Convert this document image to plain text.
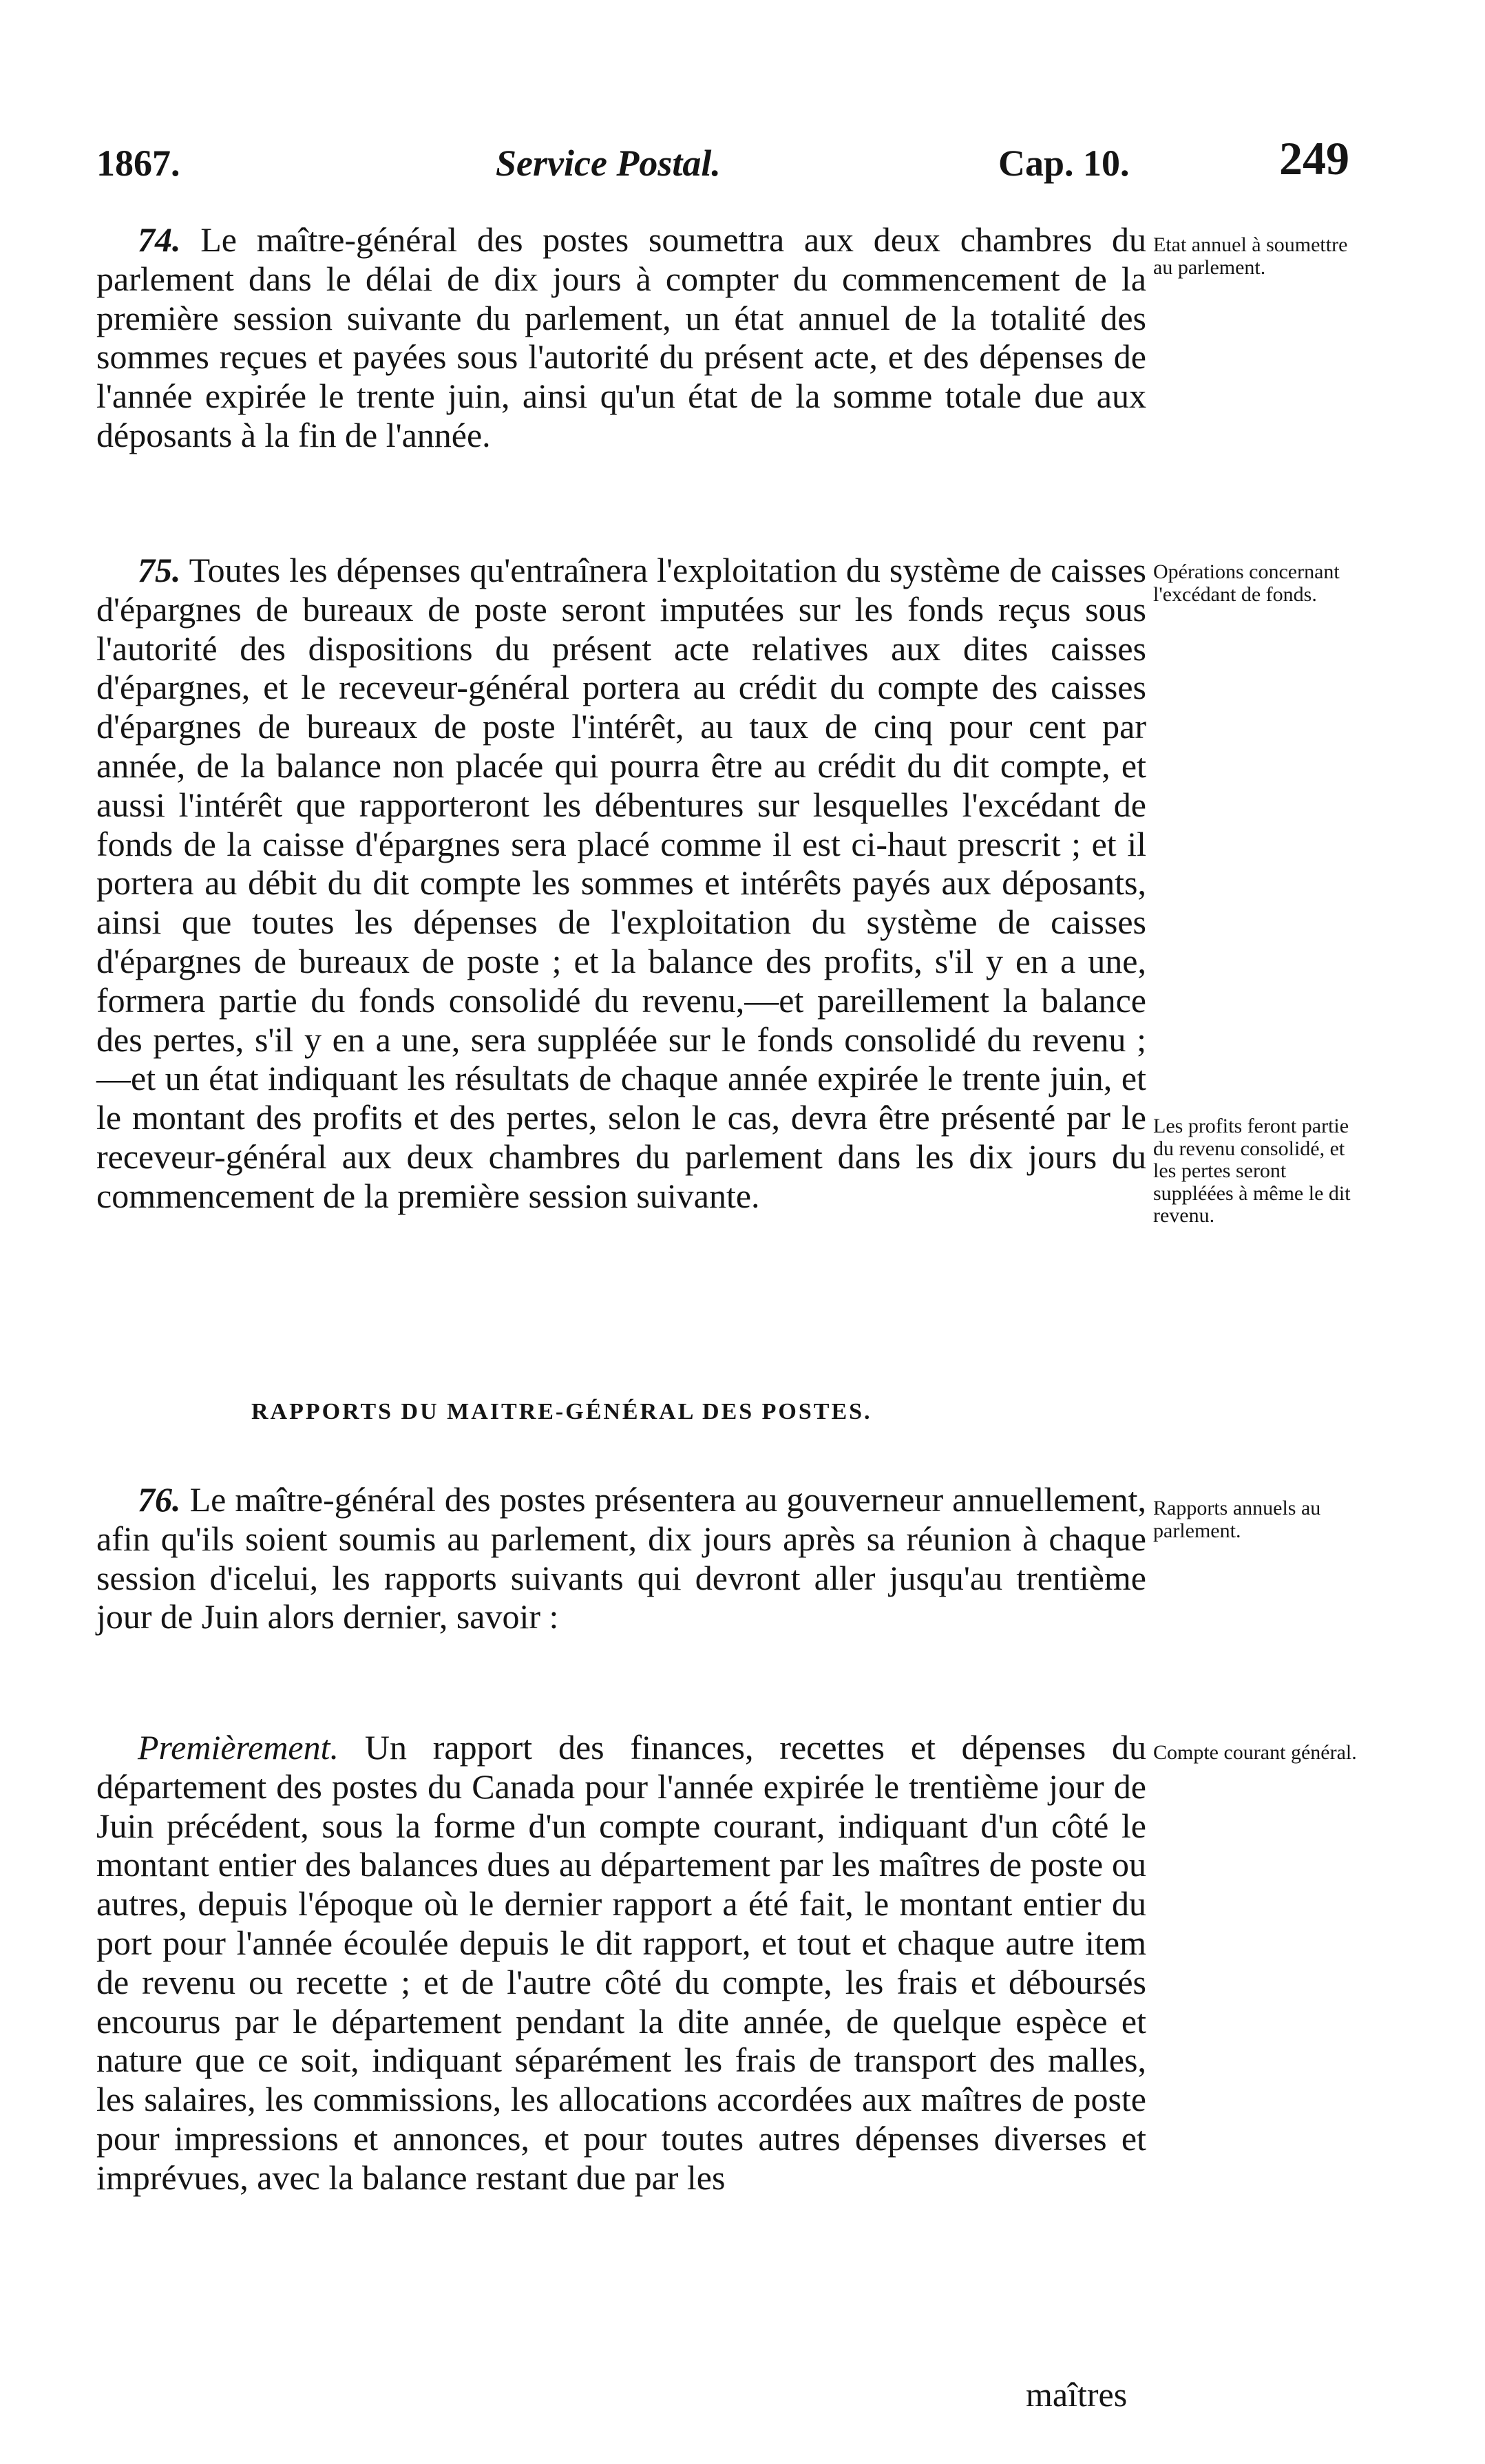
1867.	Service Postal.	Cap. 10.	249

74. Le maître-général des postes soumettra aux deux chambres du parlement dans le délai de dix jours à compter du commencement de la première session suivante du parlement, un état annuel de la totalité des sommes reçues et payées sous l'autorité du présent acte, et des dépenses de l'année expirée le trente juin, ainsi qu'un état de la somme totale due aux déposants à la fin de l'année.

Etat annuel à soumettre au parlement.

75. Toutes les dépenses qu'entraînera l'exploitation du système de caisses d'épargnes de bureaux de poste seront imputées sur les fonds reçus sous l'autorité des dispositions du présent acte relatives aux dites caisses d'épargnes, et le receveur-général portera au crédit du compte des caisses d'épargnes de bureaux de poste l'intérêt, au taux de cinq pour cent par année, de la balance non placée qui pourra être au crédit du dit compte, et aussi l'intérêt que rapporteront les débentures sur lesquelles l'excédant de fonds de la caisse d'épargnes sera placé comme il est ci-haut prescrit ; et il portera au débit du dit compte les sommes et intérêts payés aux déposants, ainsi que toutes les dépenses de l'exploitation du système de caisses d'épargnes de bureaux de poste ; et la balance des profits, s'il y en a une, formera partie du fonds consolidé du revenu,—et pareillement la balance des pertes, s'il y en a une, sera suppléée sur le fonds consolidé du revenu ;—et un état indiquant les résultats de chaque année expirée le trente juin, et le montant des profits et des pertes, selon le cas, devra être présenté par le receveur-général aux deux chambres du parlement dans les dix jours du commencement de la première session suivante.

Opérations concernant l'excédant de fonds.

Les profits feront partie du revenu consolidé, et les pertes seront suppléées à même le dit revenu.

RAPPORTS DU MAITRE-GÉNÉRAL DES POSTES.

76. Le maître-général des postes présentera au gouverneur annuellement, afin qu'ils soient soumis au parlement, dix jours après sa réunion à chaque session d'icelui, les rapports suivants qui devront aller jusqu'au trentième jour de Juin alors dernier, savoir :

Rapports annuels au parlement.

Premièrement. Un rapport des finances, recettes et dépenses du département des postes du Canada pour l'année expirée le trentième jour de Juin précédent, sous la forme d'un compte courant, indiquant d'un côté le montant entier des balances dues au département par les maîtres de poste ou autres, depuis l'époque où le dernier rapport a été fait, le montant entier du port pour l'année écoulée depuis le dit rapport, et tout et chaque autre item de revenu ou recette ; et de l'autre côté du compte, les frais et déboursés encourus par le département pendant la dite année, de quelque espèce et nature que ce soit, indiquant séparément les frais de transport des malles, les salaires, les commissions, les allocations accordées aux maîtres de poste pour impressions et annonces, et pour toutes autres dépenses diverses et imprévues, avec la balance restant due par les

Compte courant général.

maîtres
